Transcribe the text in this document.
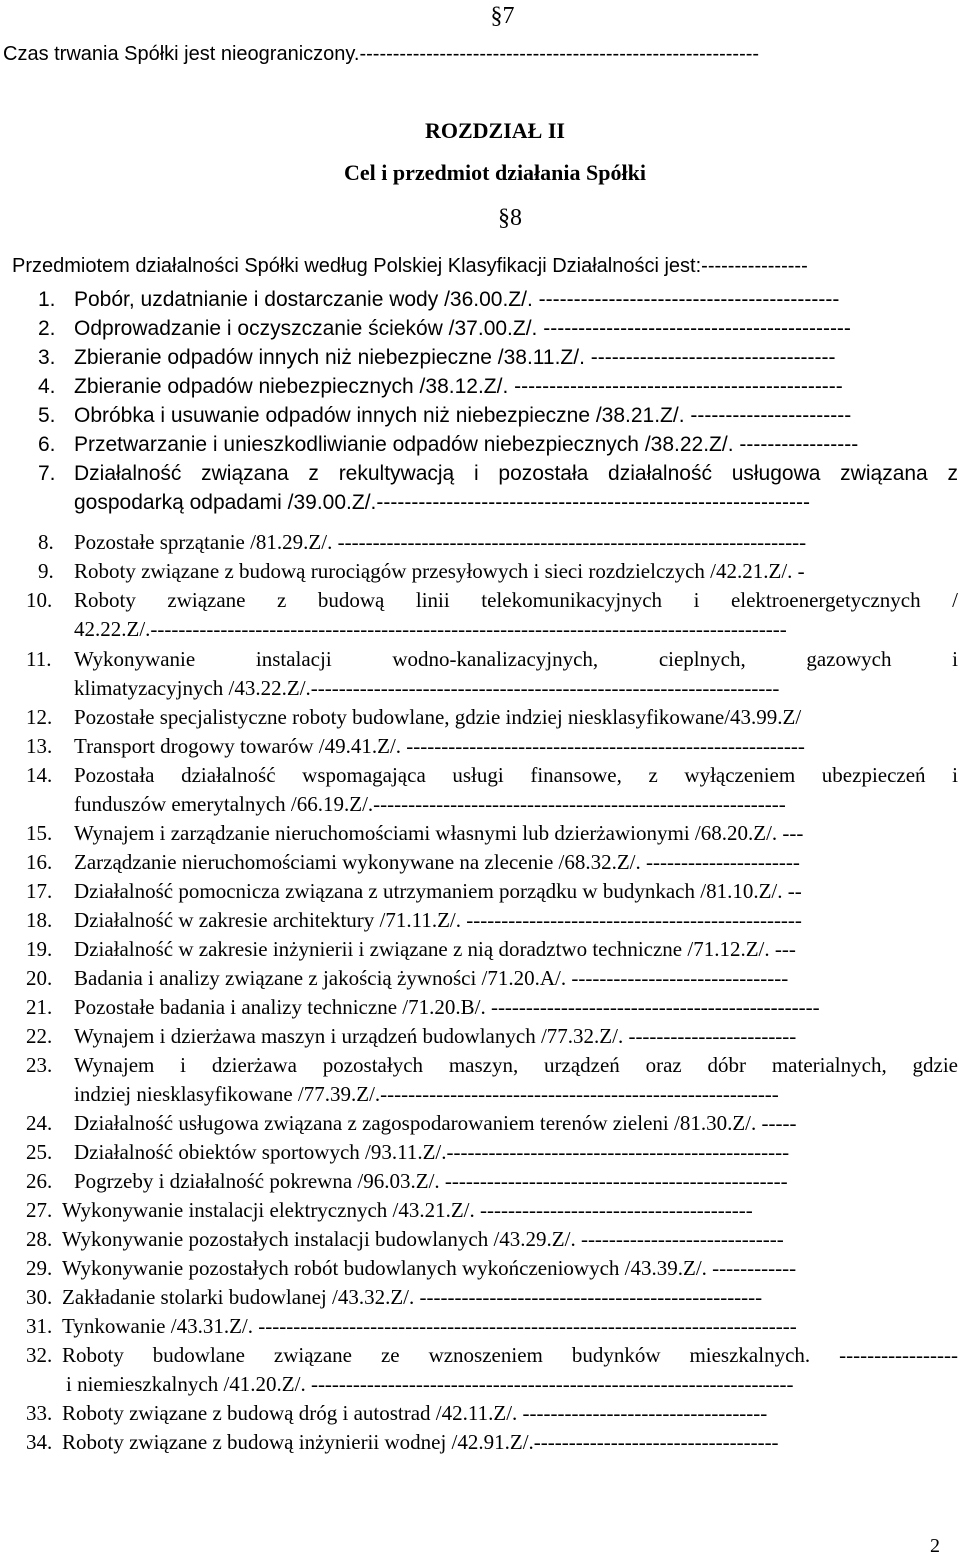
§7
Czas trwania Spółki jest nieograniczony.------------------------------------------------------------
ROZDZIAŁ II
Cel i przedmiot działania Spółki
§8
Przedmiotem działalności Spółki według Polskiej Klasyfikacji Działalności jest:----------------
1. Pobór, uzdatnianie i dostarczanie wody /36.00.Z/. -------------------------------------------
2. Odprowadzanie i oczyszczanie ścieków /37.00.Z/. --------------------------------------------
3. Zbieranie odpadów innych niż niebezpieczne /38.11.Z/. -----------------------------------
4. Zbieranie odpadów niebezpiecznych /38.12.Z/. -----------------------------------------------
5. Obróbka i usuwanie odpadów innych niż niebezpieczne /38.21.Z/. -----------------------
6. Przetwarzanie i unieszkodliwianie odpadów niebezpiecznych /38.22.Z/. -----------------
7. Działalność związana z rekultywacją i pozostała działalność usługowa związana z
gospodarką odpadami /39.00.Z/.--------------------------------------------------------------
8. Pozostałe sprzątanie /81.29.Z/. -------------------------------------------------------------------
9. Roboty związane z budową rurociągów przesyłowych i sieci rozdzielczych /42.21.Z/. -
10. Roboty związane z budową linii telekomunikacyjnych i elektroenergetycznych /
42.22.Z/.-------------------------------------------------------------------------------------------
11. Wykonywanie instalacji wodno-kanalizacyjnych, cieplnych, gazowych i
klimatyzacyjnych /43.22.Z/.-------------------------------------------------------------------
12. Pozostałe specjalistyczne roboty budowlane, gdzie indziej niesklasyfikowane/43.99.Z/
13. Transport drogowy towarów /49.41.Z/. ---------------------------------------------------------
14. Pozostała działalność wspomagająca usługi finansowe, z wyłączeniem ubezpieczeń i
funduszów emerytalnych /66.19.Z/.-----------------------------------------------------------
15. Wynajem i zarządzanie nieruchomościami własnymi lub dzierżawionymi /68.20.Z/. ---
16. Zarządzanie nieruchomościami wykonywane na zlecenie /68.32.Z/. ----------------------
17. Działalność pomocnicza związana z utrzymaniem porządku w budynkach /81.10.Z/. --
18. Działalność w zakresie architektury /71.11.Z/. ------------------------------------------------
19. Działalność w zakresie inżynierii i związane z nią doradztwo techniczne /71.12.Z/. ---
20. Badania i analizy związane z jakością żywności /71.20.A/. -------------------------------
21. Pozostałe badania i analizy techniczne /71.20.B/. -----------------------------------------------
22. Wynajem i dzierżawa maszyn i urządzeń budowlanych /77.32.Z/. ------------------------
23. Wynajem i dzierżawa pozostałych maszyn, urządzeń oraz dóbr materialnych, gdzie
indziej niesklasyfikowane /77.39.Z/.---------------------------------------------------------
24. Działalność usługowa związana z zagospodarowaniem terenów zieleni /81.30.Z/. -----
25. Działalność obiektów sportowych /93.11.Z/.-------------------------------------------------
26. Pogrzeby i działalność pokrewna /96.03.Z/. -------------------------------------------------
27. Wykonywanie instalacji elektrycznych /43.21.Z/. ---------------------------------------
28. Wykonywanie pozostałych instalacji budowlanych /43.29.Z/. -----------------------------
29. Wykonywanie pozostałych robót budowlanych wykończeniowych /43.39.Z/. ------------
30. Zakładanie stolarki budowlanej /43.32.Z/. -------------------------------------------------
31. Tynkowanie /43.31.Z/. -----------------------------------------------------------------------------
32. Roboty budowlane związane ze wznoszeniem budynków mieszkalnych. -----------------
i niemieszkalnych /41.20.Z/. ---------------------------------------------------------------------
33. Roboty związane z budową dróg i autostrad /42.11.Z/. -----------------------------------
34. Roboty związane z budową inżynierii wodnej /42.91.Z/.-----------------------------------
2
